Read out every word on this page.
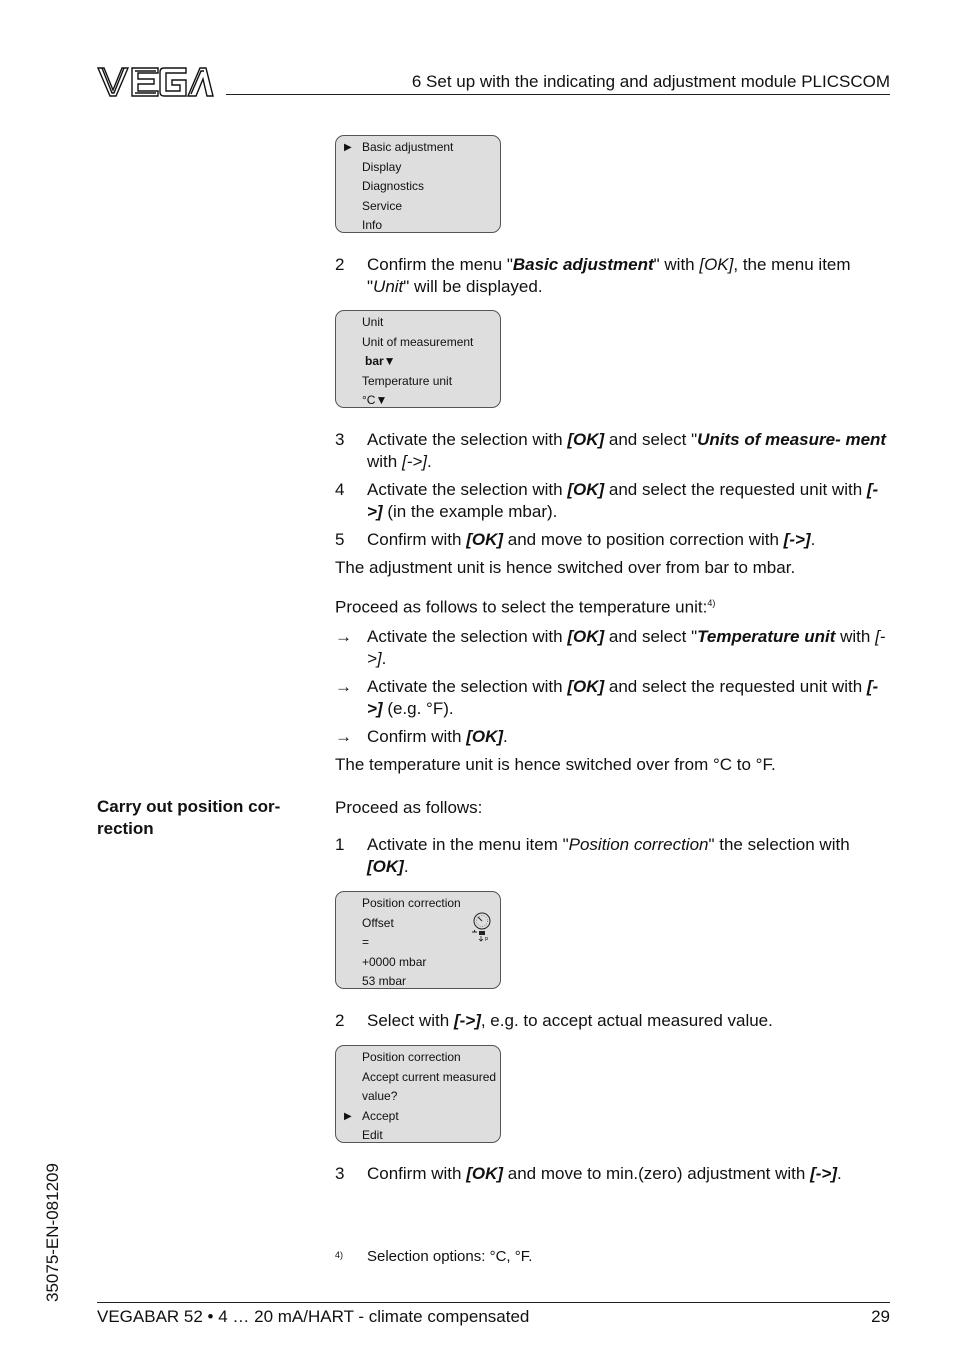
6 Set up with the indicating and adjustment module PLICSCOM
▶ Basic adjustment
Display
Diagnostics
Service
Info
2	Confirm the menu "Basic adjustment" with [OK], the menu item "Unit" will be displayed.
Unit
Unit of measurement
bar▼
Temperature unit
°C▼
3	Activate the selection with [OK] and select "Units of measure- ment with [->].
4	Activate the selection with [OK] and select the requested unit with [->] (in the example mbar).
5	Confirm with [OK] and move to position correction with [->].
The adjustment unit is hence switched over from bar to mbar.
Proceed as follows to select the temperature unit:$^{4)}$
→ Activate the selection with [OK] and select "Temperature unit with [->].
→ Activate the selection with [OK] and select the requested unit with [->] (e.g. °F).
→ Confirm with [OK].
The temperature unit is hence switched over from °C to °F.
Carry out position cor- rection
Proceed as follows:
1	Activate in the menu item "Position correction" the selection with [OK].
Position correction
Offset
=
+0000 mbar
53 mbar
p
2	Select with [->], e.g. to accept actual measured value.
Position correction
Accept current measured
value?
▶ Accept
Edit
3	Confirm with [OK] and move to min.(zero) adjustment with [->].
4) Selection options: °C, °F.
35075-EN-081209
VEGABAR 52 • 4 … 20 mA/HART - climate compensated	29
